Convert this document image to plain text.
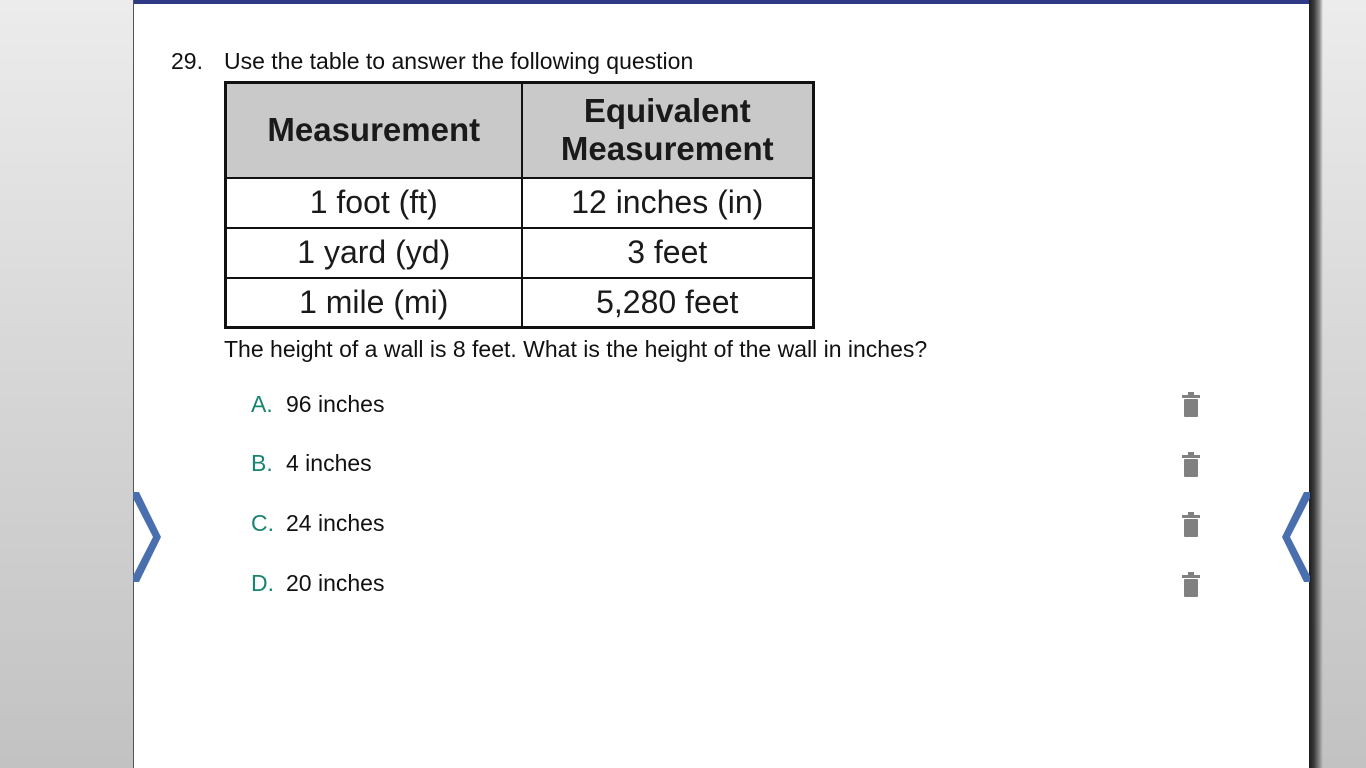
29. Use the table to answer the following question
Measurement	Equivalent
Measurement
1 foot (ft)	12 inches (in)
1 yard (yd)	3 feet
1 mile (mi)	5,280 feet
The height of a wall is 8 feet. What is the height of the wall in inches?
A. 96 inches
B. 4 inches
C. 24 inches
D. 20 inches
